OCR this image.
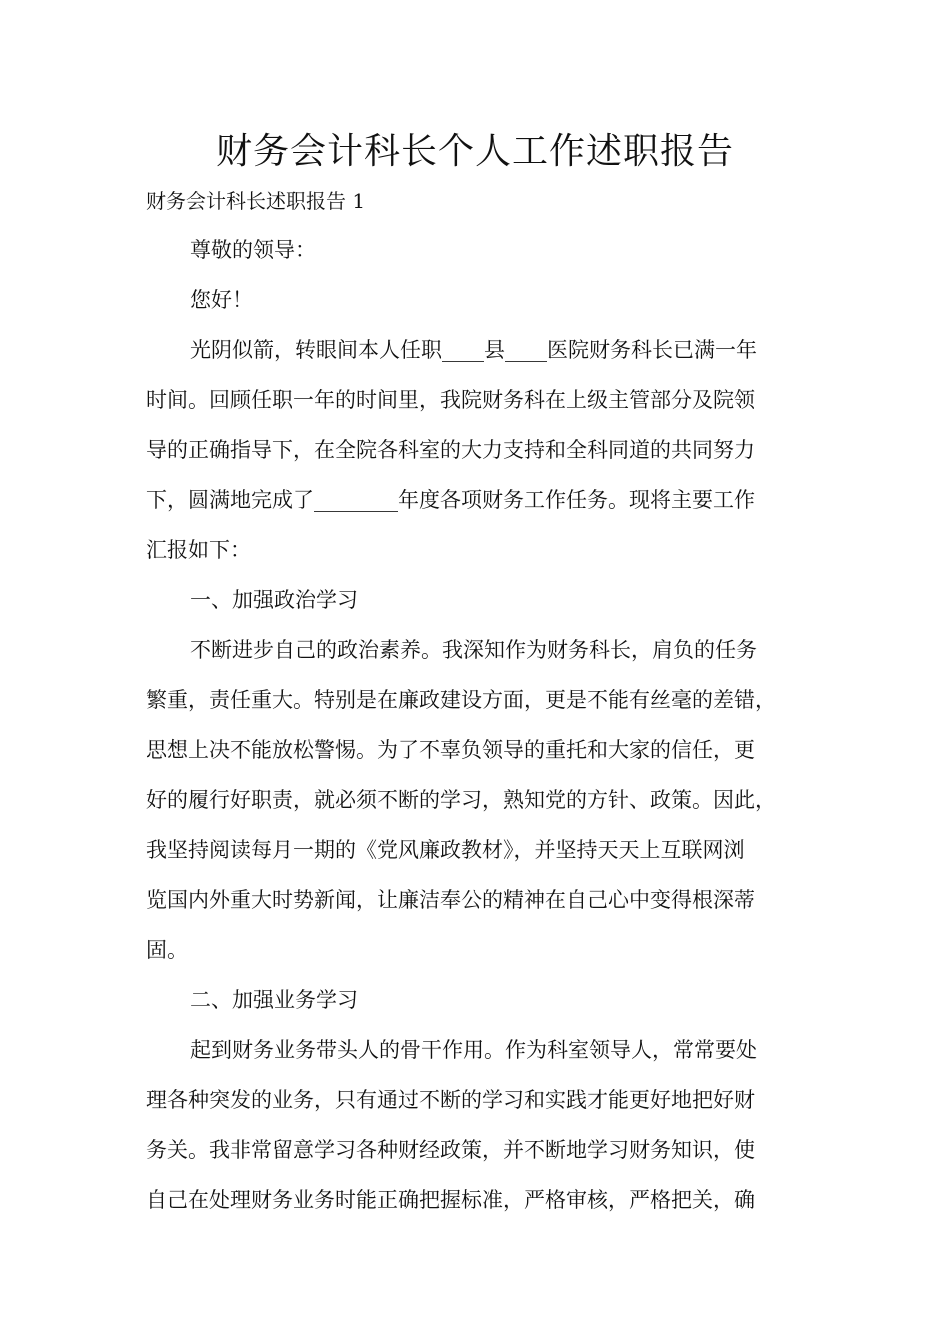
财务会计科长个人工作述职报告

财务会计科长述职报告 1

尊敬的领导：

您好！

光阴似箭，转眼间本人任职____县____医院财务科长已满一年

时间。回顾任职一年的时间里，我院财务科在上级主管部分及院领

导的正确指导下，在全院各科室的大力支持和全科同道的共同努力

下，圆满地完成了________年度各项财务工作任务。现将主要工作

汇报如下：

一、加强政治学习

不断进步自己的政治素养。我深知作为财务科长，肩负的任务

繁重，责任重大。特别是在廉政建设方面，更是不能有丝毫的差错，

思想上决不能放松警惕。为了不辜负领导的重托和大家的信任，更

好的履行好职责，就必须不断的学习，熟知党的方针、政策。因此，

我坚持阅读每月一期的《党风廉政教材》，并坚持天天上互联网浏

览国内外重大时势新闻，让廉洁奉公的精神在自己心中变得根深蒂

固。

二、加强业务学习

起到财务业务带头人的骨干作用。作为科室领导人，常常要处

理各种突发的业务，只有通过不断的学习和实践才能更好地把好财

务关。我非常留意学习各种财经政策，并不断地学习财务知识，使

自己在处理财务业务时能正确把握标准，严格审核，严格把关，确
